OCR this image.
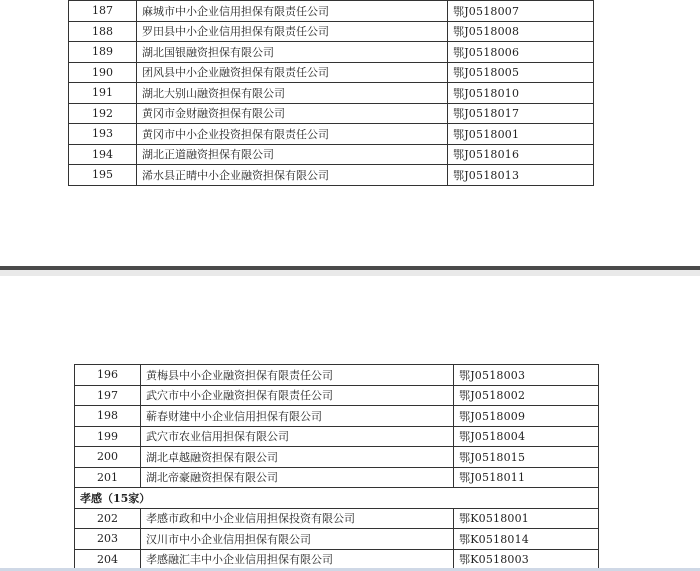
187	麻城市中小企业信用担保有限责任公司	鄂J0518007
188	罗田县中小企业信用担保有限责任公司	鄂J0518008
189	湖北国银融资担保有限公司	鄂J0518006
190	团风县中小企业融资担保有限责任公司	鄂J0518005
191	湖北大别山融资担保有限公司	鄂J0518010
192	黄冈市金财融资担保有限公司	鄂J0518017
193	黄冈市中小企业投资担保有限责任公司	鄂J0518001
194	湖北正道融资担保有限公司	鄂J0518016
195	浠水县正晴中小企业融资担保有限公司	鄂J0518013
196	黄梅县中小企业融资担保有限责任公司	鄂J0518003
197	武穴市中小企业融资担保有限责任公司	鄂J0518002
198	蕲春财建中小企业信用担保有限公司	鄂J0518009
199	武穴市农业信用担保有限公司	鄂J0518004
200	湖北卓越融资担保有限公司	鄂J0518015
201	湖北帝豪融资担保有限公司	鄂J0518011
孝感（15家）		
202	孝感市政和中小企业信用担保投资有限公司	鄂K0518001
203	汉川市中小企业信用担保有限公司	鄂K0518014
204	孝感融汇丰中小企业信用担保有限公司	鄂K0518003
